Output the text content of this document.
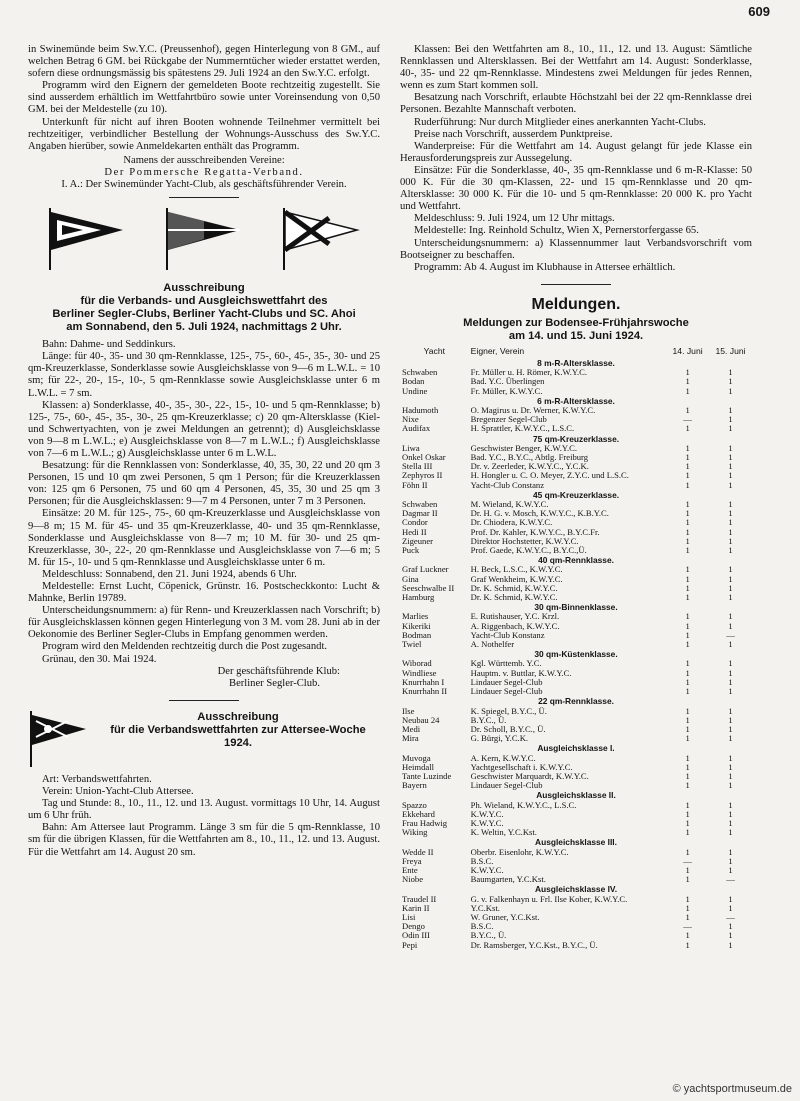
609

in Swinemünde beim Sw.Y.C. (Preussenhof), gegen Hinterlegung von 8 GM., auf welchen Betrag 6 GM. bei Rückgabe der Nummerntücher wieder erstattet werden, sofern diese ordnungsmässig bis spätestens 29. Juli 1924 an den Sw.Y.C. erfolgt.

Programm wird den Eignern der gemeldeten Boote rechtzeitig zugestellt. Sie sind ausserdem erhältlich im Wettfahrtbüro sowie unter Voreinsendung von 0,50 GM. bei der Meldestelle (zu 10).

Unterkunft für nicht auf ihren Booten wohnende Teilnehmer vermittelt bei rechtzeitiger, verbindlicher Bestellung der Wohnungs-Ausschuss des Sw.Y.C. Angaben hierüber, sowie Anmeldekarten enthält das Programm.

Namens der ausschreibenden Vereine:

Der Pommersche Regatta-Verband.

I. A.: Der Swinemünder Yacht-Club, als geschäftsführender Verein.

Ausschreibung
für die Verbands- und Ausgleichswettfahrt des
Berliner Segler-Clubs, Berliner Yacht-Clubs und SC. Ahoi
am Sonnabend, den 5. Juli 1924, nachmittags 2 Uhr.

Bahn: Dahme- und Seddinkurs.

Länge: für 40-, 35- und 30 qm-Rennklasse, 125-, 75-, 60-, 45-, 35-, 30- und 25 qm-Kreuzerklasse, Sonderklasse sowie Ausgleichsklasse von 9—6 m L.W.L. = 10 sm; für 22-, 20-, 15-, 10-, 5 qm-Rennklasse sowie Ausgleichsklasse unter 6 m L.W.L. = 7 sm.

Klassen: a) Sonderklasse, 40-, 35-, 30-, 22-, 15-, 10- und 5 qm-Rennklasse; b) 125-, 75-, 60-, 45-, 35-, 30-, 25 qm-Kreuzerklasse; c) 20 qm-Altersklasse (Kiel- und Schwertyachten, von je zwei Meldungen an getrennt); d) Ausgleichsklasse von 9—8 m L.W.L.; e) Ausgleichsklasse von 8—7 m L.W.L.; f) Ausgleichsklasse von 7—6 m L.W.L.; g) Ausgleichsklasse unter 6 m L.W.L.

Besatzung: für die Rennklassen von: Sonderklasse, 40, 35, 30, 22 und 20 qm 3 Personen, 15 und 10 qm zwei Personen, 5 qm 1 Person; für die Kreuzerklassen von: 125 qm 6 Personen, 75 und 60 qm 4 Personen, 45, 35, 30 und 25 qm 3 Personen; für die Ausgleichsklassen: 9—7 m 4 Personen, unter 7 m 3 Personen.

Einsätze: 20 M. für 125-, 75-, 60 qm-Kreuzerklasse und Ausgleichsklasse von 9—8 m; 15 M. für 45- und 35 qm-Kreuzerklasse, 40- und 35 qm-Rennklasse, Sonderklasse und Ausgleichsklasse von 8—7 m; 10 M. für 30- und 25 qm-Kreuzerklasse, 30-, 22-, 20 qm-Rennklasse und Ausgleichsklasse von 7—6 m; 5 M. für 15-, 10- und 5 qm-Rennklasse und Ausgleichsklasse unter 6 m.

Meldeschluss: Sonnabend, den 21. Juni 1924, abends 6 Uhr.

Meldestelle: Ernst Lucht, Cöpenick, Grünstr. 16. Postscheckkonto: Lucht & Mahnke, Berlin 19789.

Unterscheidungsnummern: a) für Renn- und Kreuzerklassen nach Vorschrift; b) für Ausgleichsklassen können gegen Hinterlegung von 3 M. vom 28. Juni ab in der Oekonomie des Berliner Segler-Clubs in Empfang genommen werden.

Program wird den Meldenden rechtzeitig durch die Post zugesandt.

Grünau, den 30. Mai 1924.

Der geschäftsführende Klub:

Berliner Segler-Club.

Ausschreibung
für die Verbandswettfahrten zur Attersee-Woche 1924.

Art: Verbandswettfahrten.

Verein: Union-Yacht-Club Attersee.

Tag und Stunde: 8., 10., 11., 12. und 13. August. vormittags 10 Uhr, 14. August um 6 Uhr früh.

Bahn: Am Attersee laut Programm. Länge 3 sm für die 5 qm-Rennklasse, 10 sm für die übrigen Klassen, für die Wettfahrten am 8., 10., 11., 12. und 13. August. Für die Wettfahrt am 14. August 20 sm.

Klassen: Bei den Wettfahrten am 8., 10., 11., 12. und 13. August: Sämtliche Rennklassen und Altersklassen. Bei der Wettfahrt am 14. August: Sonderklasse, 40-, 35- und 22 qm-Rennklasse. Mindestens zwei Meldungen für jedes Rennen, wenn es zum Start kommen soll.

Besatzung nach Vorschrift, erlaubte Höchstzahl bei der 22 qm-Rennklasse drei Personen. Bezahlte Mannschaft verboten.

Ruderführung: Nur durch Mitglieder eines anerkannten Yacht-Clubs.

Preise nach Vorschrift, ausserdem Punktpreise.

Wanderpreise: Für die Wettfahrt am 14. August gelangt für jede Klasse ein Herausforderungspreis zur Aussegelung.

Einsätze: Für die Sonderklasse, 40-, 35 qm-Rennklasse und 6 m-R-Klasse: 50 000 K. Für die 30 qm-Klassen, 22- und 15 qm-Rennklasse und 20 qm-Altersklasse: 30 000 K. Für die 10- und 5 qm-Rennklasse: 20 000 K. pro Yacht und Wettfahrt.

Meldeschluss: 9. Juli 1924, um 12 Uhr mittags.

Meldestelle: Ing. Reinhold Schultz, Wien X, Pernerstorfergasse 65.

Unterscheidungsnummern: a) Klassennummer laut Verbandsvorschrift vom Bootseigner zu beschaffen.

Programm: Ab 4. August im Klubhause in Attersee erhältlich.

Meldungen.
Meldungen zur Bodensee-Frühjahrswoche
am 14. und 15. Juni 1924.
Yacht	Eigner, Verein	14. Juni	15. Juni
8 m-R-Altersklasse.			
Schwaben	Fr. Müller u. H. Römer, K.W.Y.C.	1	1
Bodan	Bad. Y.C. Überlingen	1	1
Undine	Fr. Müller, K.W.Y.C.	1	1
6 m-R-Altersklasse.			
Hadumoth	O. Magirus u. Dr. Werner, K.W.Y.C.	1	1
Nixe	Bregenzer Segel-Club	—	1
Audifax	H. Sprattler, K.W.Y.C., L.S.C.	1	1
75 qm-Kreuzerklasse.			
Liwa	Geschwister Benger, K.W.Y.C.	1	1
Onkel Oskar	Bad. Y.C., B.Y.C., Abtlg. Freiburg	1	1
Stella III	Dr. v. Zeerleder, K.W.Y.C., Y.C.K.	1	1
Zephyros II	H. Hongler u. C. O. Meyer, Z.Y.C. und L.S.C.	1	1
Föhn II	Yacht-Club Constanz	1	1
45 qm-Kreuzerklasse.			
Schwaben	M. Wieland, K.W.Y.C.	1	1
Dagmar II	Dr. H. G. v. Mosch, K.W.Y.C., K.B.Y.C.	1	1
Condor	Dr. Chiodera, K.W.Y.C.	1	1
Hedi II	Prof. Dr. Kahler, K.W.Y.C., B.Y.C.Fr.	1	1
Zigeuner	Direktor Hochstetter, K.W.Y.C.	1	1
Puck	Prof. Gaede, K.W.Y.C., B.Y.C.,Ü.	1	1
40 qm-Rennklasse.			
Graf Luckner	H. Beck, L.S.C., K.W.Y.C.	1	1
Gina	Graf Wenkheim, K.W.Y.C.	1	1
Seeschwalbe II	Dr. K. Schmid, K.W.Y.C.	1	1
Hamburg	Dr. K. Schmid, K.W.Y.C.	1	1
30 qm-Binnenklasse.			
Marlies	E. Rutishauser, Y.C. Krzl.	1	1
Kikeriki	A. Riggenbach, K.W.Y.C.	1	1
Bodman	Yacht-Club Konstanz	1	—
Twiel	A. Nothelfer	1	1
30 qm-Küstenklasse.			
Wiborad	Kgl. Württemb. Y.C.	1	1
Windliese	Hauptm. v. Buttlar, K.W.Y.C.	1	1
Knurrhahn I	Lindauer Segel-Club	1	1
Knurrhahn II	Lindauer Segel-Club	1	1
22 qm-Rennklasse.			
Ilse	K. Spiegel, B.Y.C., Ü.	1	1
Neubau 24	B.Y.C., Ü.	1	1
Medi	Dr. Scholl, B.Y.C., Ü.	1	1
Mira	G. Bürgi, Y.C.K.	1	1
Ausgleichsklasse I.			
Muvoga	A. Kern, K.W.Y.C.	1	1
Heimdall	Yachtgesellschaft i. K.W.Y.C.	1	1
Tante Luzinde	Geschwister Marquardt, K.W.Y.C.	1	1
Bayern	Lindauer Segel-Club	1	1
Ausgleichsklasse II.			
Spazzo	Ph. Wieland, K.W.Y.C., L.S.C.	1	1
Ekkehard	K.W.Y.C.	1	1
Frau Hadwig	K.W.Y.C.	1	1
Wiking	K. Weltin, Y.C.Kst.	1	1
Ausgleichsklasse III.			
Wedde II	Oberbr. Eisenlohr, K.W.Y.C.	1	1
Freya	B.S.C.	—	1
Ente	K.W.Y.C.	1	1
Niobe	Baumgarten, Y.C.Kst.	1	—
Ausgleichsklasse IV.			
Traudel II	G. v. Falkenhayn u. Frl. Ilse Kober, K.W.Y.C.	1	1
Karin II	Y.C.Kst.	1	1
Lisi	W. Gruner, Y.C.Kst.	1	—
Dengo	B.S.C.	—	1
Odin III	B.Y.C., Ü.	1	1
Pepi	Dr. Ramsberger, Y.C.Kst., B.Y.C., Ü.	1	1
© yachtsportmuseum.de
